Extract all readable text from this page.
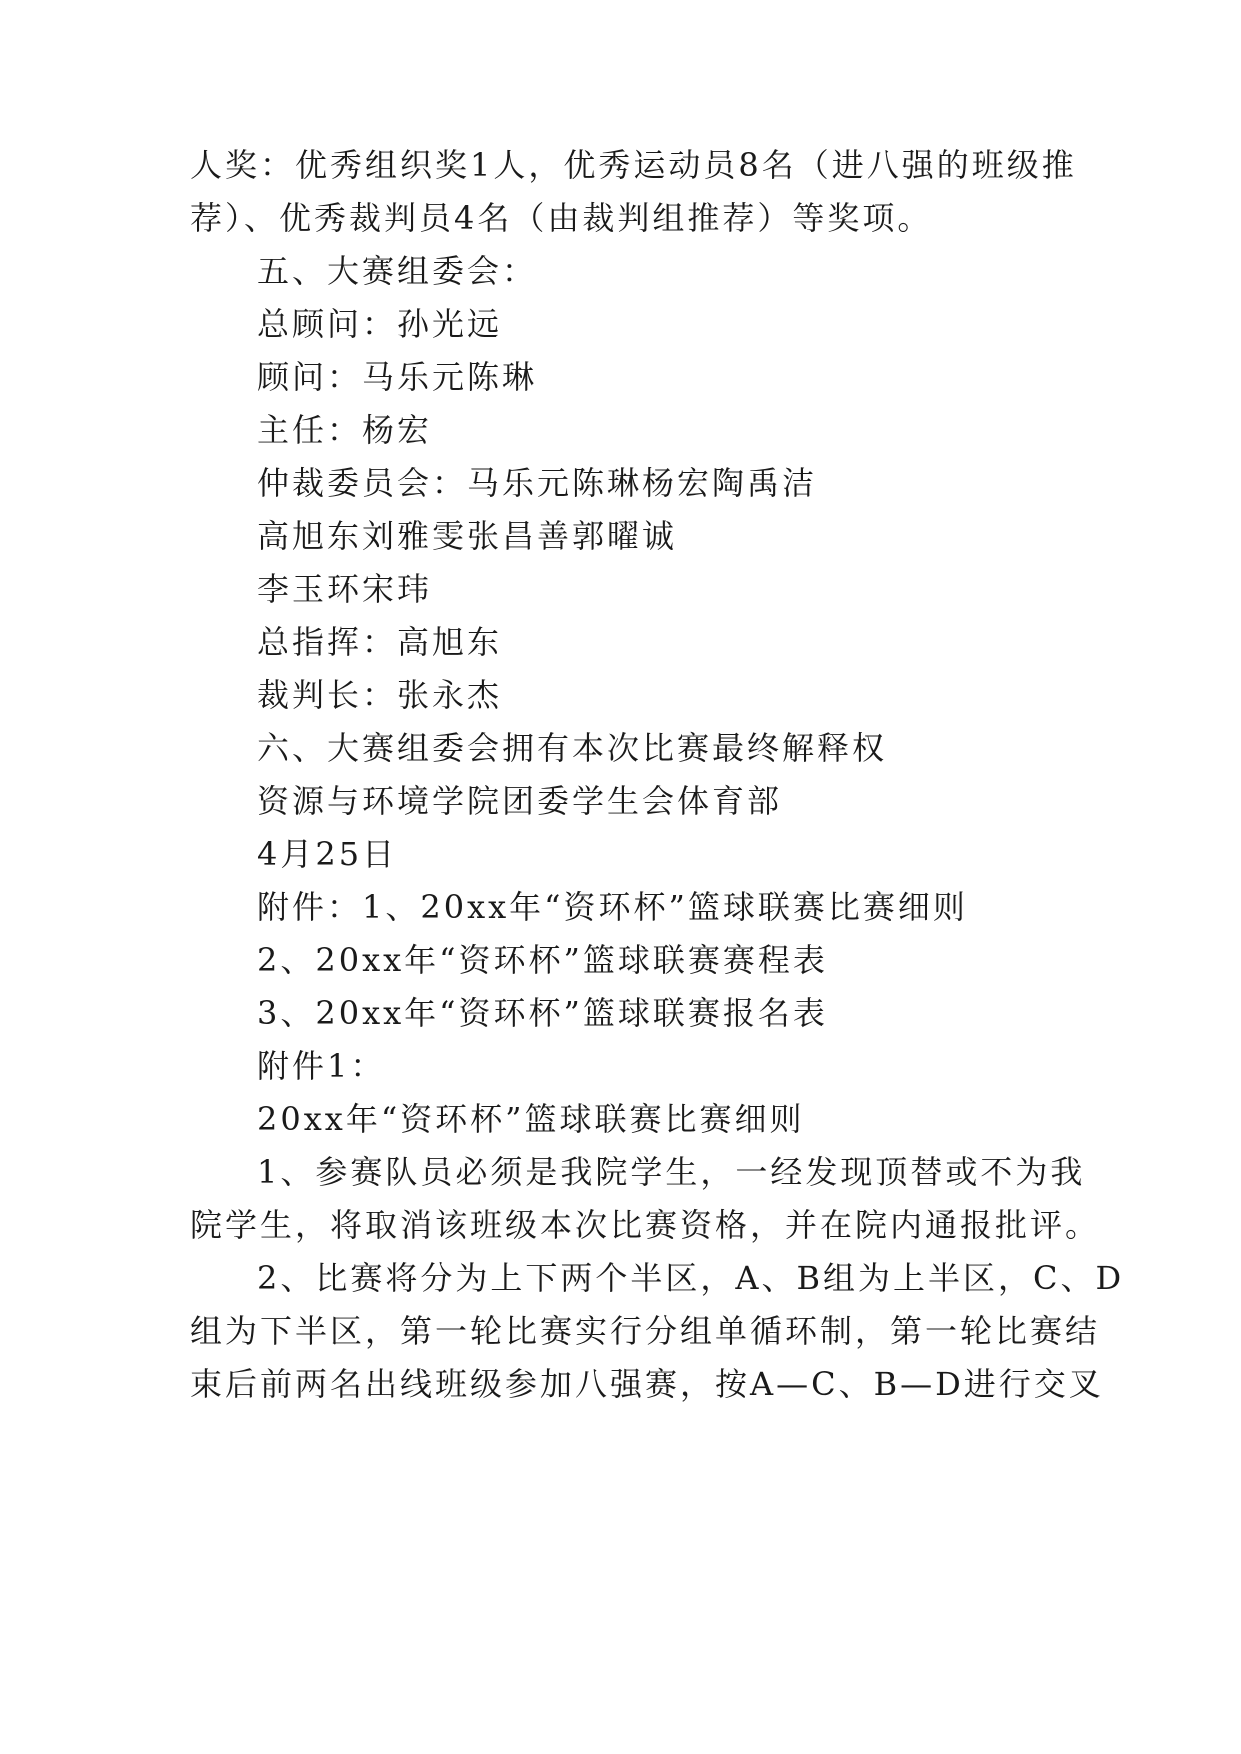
人奖：优秀组织奖1人，优秀运动员8名（进八强的班级推
荐）、优秀裁判员4名（由裁判组推荐）等奖项。
五、大赛组委会：
总顾问：孙光远
顾问：马乐元陈琳
主任：杨宏
仲裁委员会：马乐元陈琳杨宏陶禹洁
高旭东刘雅雯张昌善郭曜诚
李玉环宋玮
总指挥：高旭东
裁判长：张永杰
六、大赛组委会拥有本次比赛最终解释权
资源与环境学院团委学生会体育部
4月25日
附件：1、20xx年“资环杯”篮球联赛比赛细则
2、20xx年“资环杯”篮球联赛赛程表
3、20xx年“资环杯”篮球联赛报名表
附件1：
20xx年“资环杯”篮球联赛比赛细则
1、参赛队员必须是我院学生，一经发现顶替或不为我
院学生，将取消该班级本次比赛资格，并在院内通报批评。
2、比赛将分为上下两个半区，A、B组为上半区，C、D
组为下半区，第一轮比赛实行分组单循环制，第一轮比赛结
束后前两名出线班级参加八强赛，按A—C、B—D进行交叉
